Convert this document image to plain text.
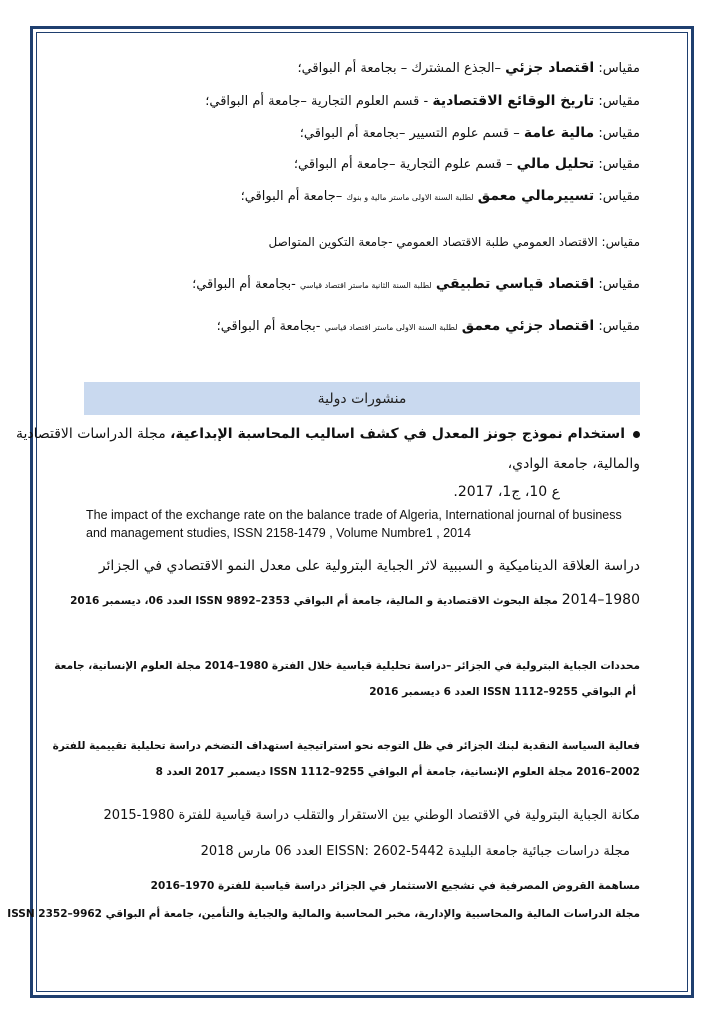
مقياس: اقتصاد جزئي –الجذع المشترك – بجامعة أم البواقي؛
مقياس: تاريخ الوقائع الاقتصادية - قسم العلوم التجارية –جامعة أم البواقي؛
مقياس: مالية عامة – قسم علوم التسيير –بجامعة أم البواقي؛
مقياس: تحليل مالي – قسم علوم التجارية –جامعة أم البواقي؛
مقياس: تسييرمالي معمق لطلبة السنة الاولى ماستر مالية و بنوك –جامعة أم البواقي؛
مقياس: الاقتصاد العمومي طلبة الاقتصاد العمومي -جامعة التكوين المتواصل
مقياس: اقتصاد قياسي تطبيقي لطلبة السنة الثانية ماستر اقتصاد قياسي -بجامعة أم البواقي؛
مقياس: اقتصاد جزئي معمق لطلبة السنة الاولى ماستر اقتصاد قياسي -بجامعة أم البواقي؛
منشورات دولية
استخدام نموذج جونز المعدل في كشف اساليب المحاسبة الإبداعية، مجلة الدراسات الاقتصادية
والمالية، جامعة الوادي،
ع 10، ج1، 2017.
The impact of the exchange rate on the balance trade of Algeria, International journal of business
and management studies, ISSN 2158-1479 , Volume Numbre1 , 2014
دراسة العلاقة الديناميكية و السببية لاثر الجباية البترولية على معدل النمو الاقتصادي في الجزائر
1980–2014 مجلة البحوث الاقتصادية و المالية، جامعة أم البواقي ISSN 9892–2353 العدد 06، ديسمبر 2016
محددات الجباية البترولية في الجزائر –دراسة تحليلية قياسية خلال الفترة 1980–2014 مجلة العلوم الإنسانية، جامعة
أم البواقي ISSN 1112–9255 العدد 6 ديسمبر 2016
فعالية السياسة النقدية لبنك الجزائر في ظل التوجه نحو استراتيجية استهداف التضخم دراسة تحليلية تقييمية للفترة
2002–2016 مجلة العلوم الإنسانية، جامعة أم البواقي ISSN 1112–9255 ديسمبر 2017 العدد 8
مكانة الجباية البترولية في الاقتصاد الوطني بين الاستقرار والتقلب دراسة قياسية للفترة 1980-2015
مجلة دراسات جبائية جامعة البليدة EISSN: 2602-5442 العدد 06 مارس 2018
مساهمة القروض المصرفية في تشجيع الاستثمار في الجزائر دراسة قياسية للفترة 1970–2016
مجلة الدراسات المالية والمحاسبية والإدارية، مخبر المحاسبة والمالية والجباية والتأمين، جامعة أم البواقي ISSN 2352–9962
